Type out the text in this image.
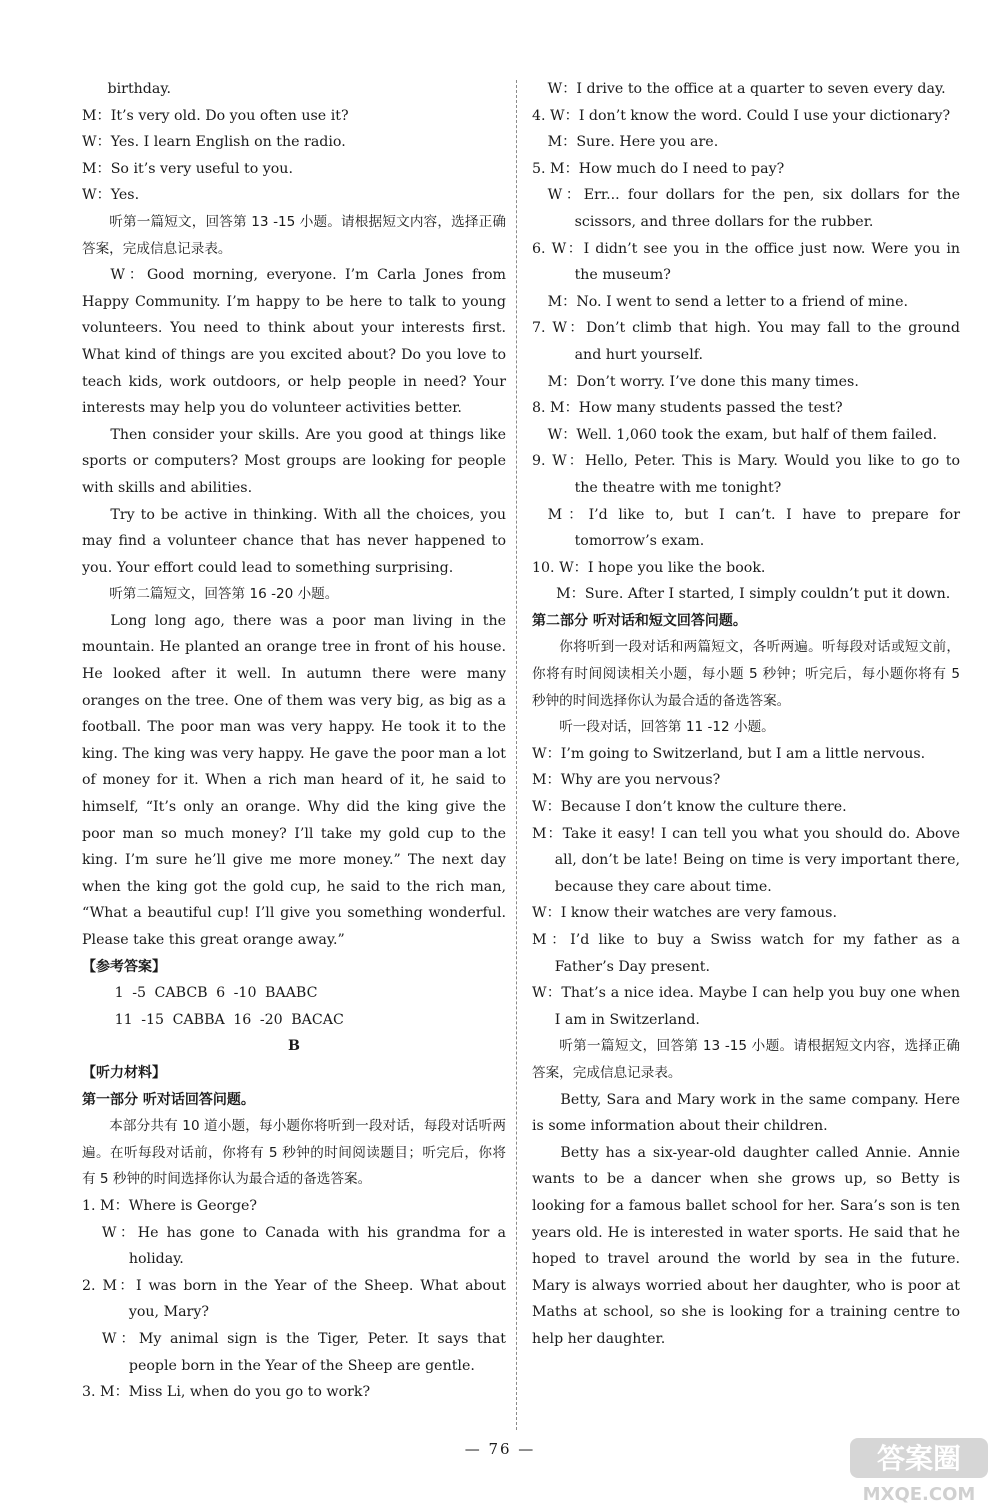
birthday.

M：It’s very old. Do you often use it?

W：Yes. I learn English on the radio.

M：So it’s very useful to you.

W：Yes.

听第一篇短文，回答第 13 -15 小题。请根据短文内容，选择正确答案，完成信息记录表。

W：Good morning, everyone. I’m Carla Jones from Happy Community. I’m happy to be here to talk to young volunteers. You need to think about your interests first. What kind of things are you excited about? Do you love to teach kids, work outdoors, or help people in need? Your interests may help you do volunteer activities better.

Then consider your skills. Are you good at things like sports or computers? Most groups are looking for people with skills and abilities.

Try to be active in thinking. With all the choices, you may find a volunteer chance that has never happened to you. Your effort could lead to something surprising.

听第二篇短文，回答第 16 -20 小题。

Long long ago, there was a poor man living in the mountain. He planted an orange tree in front of his house. He looked after it well. In autumn there were many oranges on the tree. One of them was very big, as big as a football. The poor man was very happy. He took it to the king. The king was very happy. He gave the poor man a lot of money for it. When a rich man heard of it, he said to himself, “It’s only an orange. Why did the king give the poor man so much money? I’ll take my gold cup to the king. I’m sure he’ll give me more money.” The next day when the king got the gold cup, he said to the rich man, “What a beautiful cup! I’ll give you something wonderful. Please take this great orange away.”

【参考答案】

1 -5 CABCB 6 -10 BAABC

11 -15 CABBA 16 -20 BACAC

B

【听力材料】

第一部分 听对话回答问题。

本部分共有 10 道小题，每小题你将听到一段对话，每段对话听两遍。在听每段对话前，你将有 5 秒钟的时间阅读题目；听完后，你将有 5 秒钟的时间选择你认为最合适的备选答案。

1. M：Where is George?

W：He has gone to Canada with his grandma for a holiday.

2. M：I was born in the Year of the Sheep. What about you, Mary?

W：My animal sign is the Tiger, Peter. It says that people born in the Year of the Sheep are gentle.

3. M：Miss Li, when do you go to work?

W：I drive to the office at a quarter to seven every day.

4. W：I don’t know the word. Could I use your dictionary?

M：Sure. Here you are.

5. M：How much do I need to pay?

W：Err... four dollars for the pen, six dollars for the scissors, and three dollars for the rubber.

6. W：I didn’t see you in the office just now. Were you in the museum?

M：No. I went to send a letter to a friend of mine.

7. W：Don’t climb that high. You may fall to the ground and hurt yourself.

M：Don’t worry. I’ve done this many times.

8. M：How many students passed the test?

W：Well. 1,060 took the exam, but half of them failed.

9. W：Hello, Peter. This is Mary. Would you like to go to the theatre with me tonight?

M：I’d like to, but I can’t. I have to prepare for tomorrow’s exam.

10. W：I hope you like the book.

M：Sure. After I started, I simply couldn’t put it down.

第二部分 听对话和短文回答问题。

你将听到一段对话和两篇短文，各听两遍。听每段对话或短文前，你将有时间阅读相关小题，每小题 5 秒钟；听完后，每小题你将有 5 秒钟的时间选择你认为最合适的备选答案。

听一段对话，回答第 11 -12 小题。

W：I’m going to Switzerland, but I am a little nervous.

M：Why are you nervous?

W：Because I don’t know the culture there.

M：Take it easy! I can tell you what you should do. Above all, don’t be late! Being on time is very important there, because they care about time.

W：I know their watches are very famous.

M：I’d like to buy a Swiss watch for my father as a Father’s Day present.

W：That’s a nice idea. Maybe I can help you buy one when I am in Switzerland.

听第一篇短文，回答第 13 -15 小题。请根据短文内容，选择正确答案，完成信息记录表。

Betty, Sara and Mary work in the same company. Here is some information about their children.

Betty has a six-year-old daughter called Annie. Annie wants to be a dancer when she grows up, so Betty is looking for a famous ballet school for her. Sara’s son is ten years old. He is interested in water sports. He said that he hoped to travel around the world by sea in the future. Mary is always worried about her daughter, who is poor at Maths at school, so she is looking for a training centre to help her daughter.

— 76 —	答案圈
MXQE.COM
